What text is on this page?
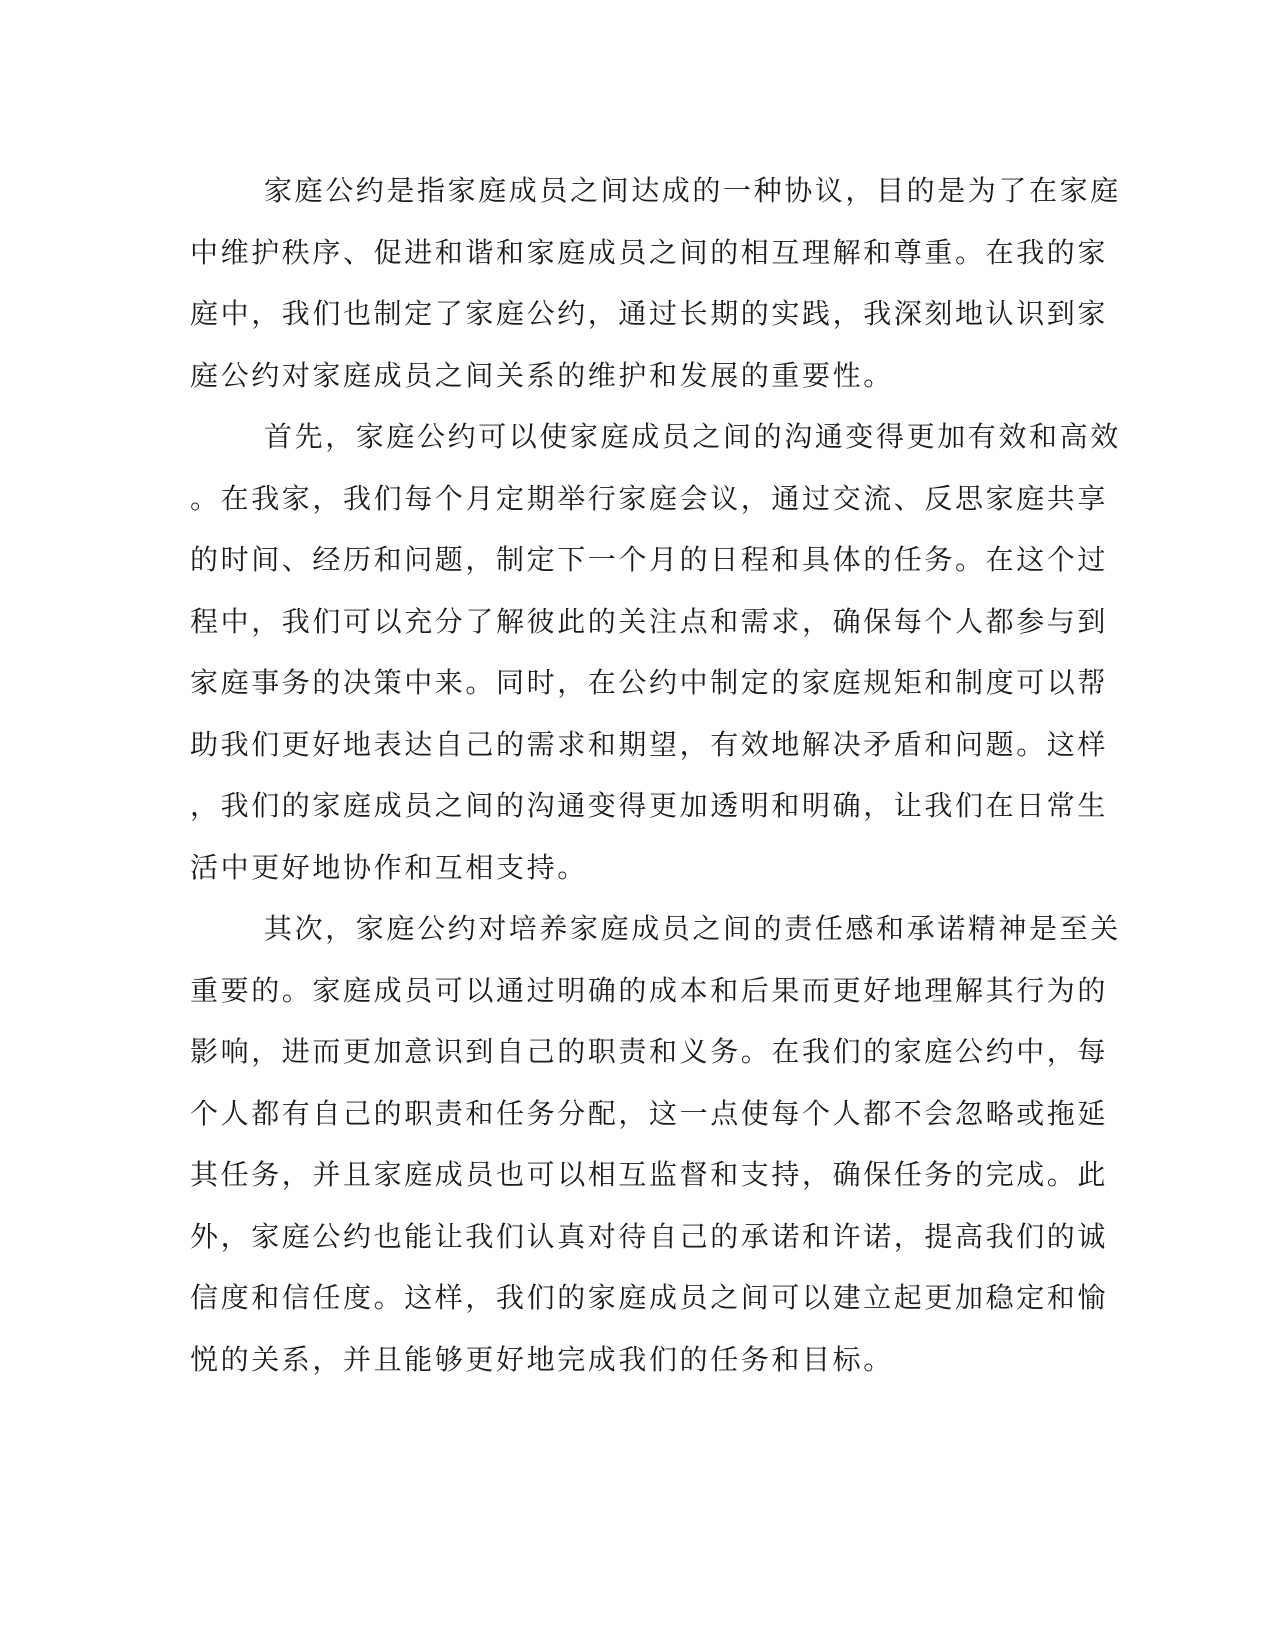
家庭公约是指家庭成员之间达成的一种协议，目的是为了在家庭
中维护秩序、促进和谐和家庭成员之间的相互理解和尊重。在我的家
庭中，我们也制定了家庭公约，通过长期的实践，我深刻地认识到家
庭公约对家庭成员之间关系的维护和发展的重要性。
首先，家庭公约可以使家庭成员之间的沟通变得更加有效和高效
。在我家，我们每个月定期举行家庭会议，通过交流、反思家庭共享
的时间、经历和问题，制定下一个月的日程和具体的任务。在这个过
程中，我们可以充分了解彼此的关注点和需求，确保每个人都参与到
家庭事务的决策中来。同时，在公约中制定的家庭规矩和制度可以帮
助我们更好地表达自己的需求和期望，有效地解决矛盾和问题。这样
，我们的家庭成员之间的沟通变得更加透明和明确，让我们在日常生
活中更好地协作和互相支持。
其次，家庭公约对培养家庭成员之间的责任感和承诺精神是至关
重要的。家庭成员可以通过明确的成本和后果而更好地理解其行为的
影响，进而更加意识到自己的职责和义务。在我们的家庭公约中，每
个人都有自己的职责和任务分配，这一点使每个人都不会忽略或拖延
其任务，并且家庭成员也可以相互监督和支持，确保任务的完成。此
外，家庭公约也能让我们认真对待自己的承诺和许诺，提高我们的诚
信度和信任度。这样，我们的家庭成员之间可以建立起更加稳定和愉
悦的关系，并且能够更好地完成我们的任务和目标。
